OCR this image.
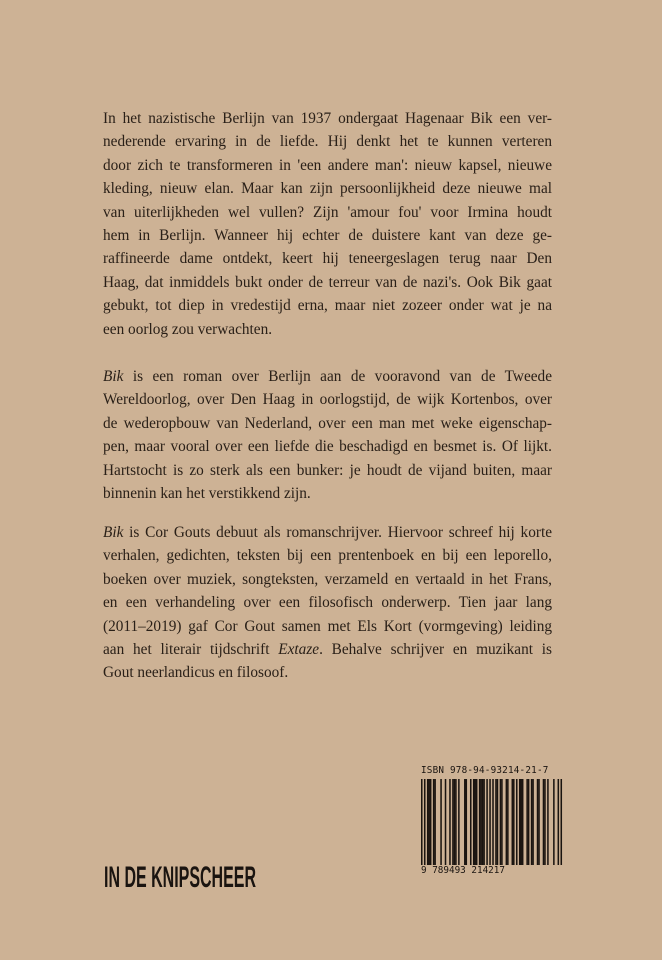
In het nazistische Berlijn van 1937 ondergaat Hagenaar Bik een ver-
nederende ervaring in de liefde. Hij denkt het te kunnen verteren
door zich te transformeren in 'een andere man': nieuw kapsel, nieuwe
kleding, nieuw elan. Maar kan zijn persoonlijkheid deze nieuwe mal
van uiterlijkheden wel vullen? Zijn 'amour fou' voor Irmina houdt
hem in Berlijn. Wanneer hij echter de duistere kant van deze ge-
raffineerde dame ontdekt, keert hij teneergeslagen terug naar Den
Haag, dat inmiddels bukt onder de terreur van de nazi's. Ook Bik gaat
gebukt, tot diep in vredestijd erna, maar niet zozeer onder wat je na
een oorlog zou verwachten.

Bik is een roman over Berlijn aan de vooravond van de Tweede
Wereldoorlog, over Den Haag in oorlogstijd, de wijk Kortenbos, over
de wederopbouw van Nederland, over een man met weke eigenschap-
pen, maar vooral over een liefde die beschadigd en besmet is. Of lijkt.
Hartstocht is zo sterk als een bunker: je houdt de vijand buiten, maar
binnenin kan het verstikkend zijn.

Bik is Cor Gouts debuut als romanschrijver. Hiervoor schreef hij korte
verhalen, gedichten, teksten bij een prentenboek en bij een leporello,
boeken over muziek, songteksten, verzameld en vertaald in het Frans,
en een verhandeling over een filosofisch onderwerp. Tien jaar lang
(2011–2019) gaf Cor Gout samen met Els Kort (vormgeving) leiding
aan het literair tijdschrift Extaze. Behalve schrijver en muzikant is
Gout neerlandicus en filosoof.

IN DE KNIPSCHEER
ISBN 978-94-93214-21-7
9 789493 214217
